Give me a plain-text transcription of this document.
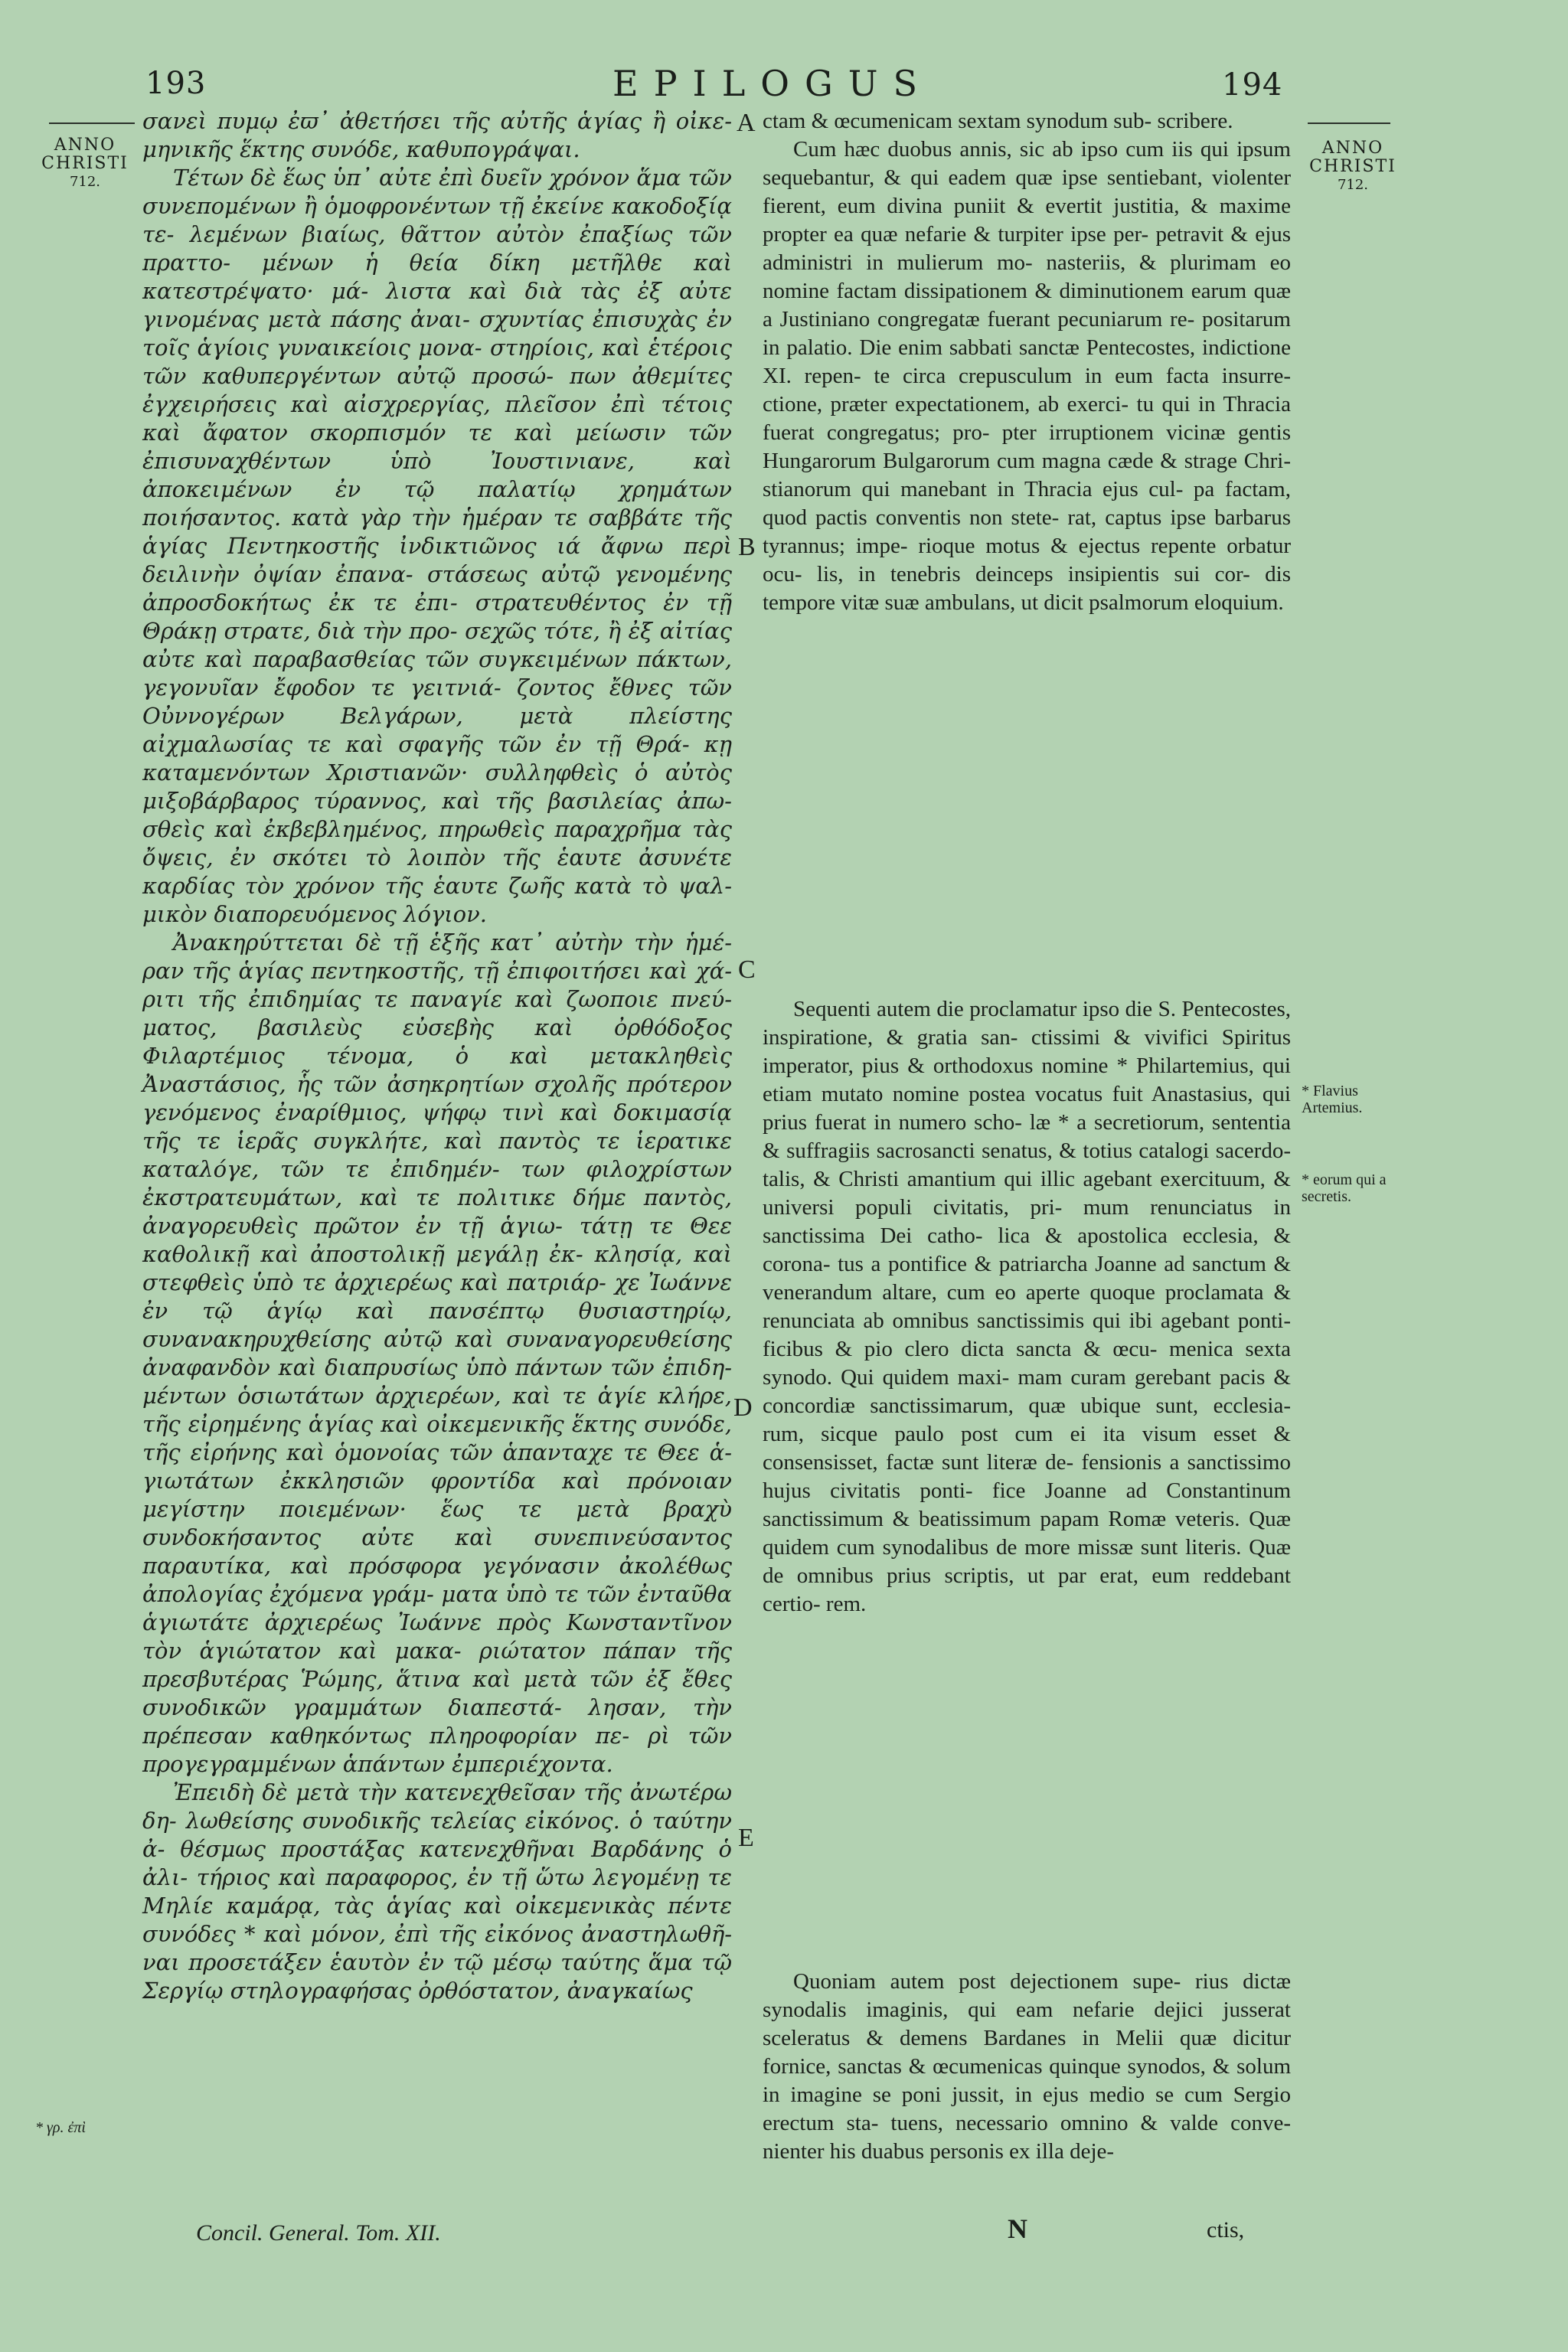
193	EPILOGUS	194
ANNO
CHRISTI
712.
ANNO
CHRISTI
712.

σανεὶ πυμῳ ἐϖ᾽ ἀθετήσει τῆς αὐτῆς ἁγίας ἢ οἰκε- μηνικῆς ἕκτης συνόδε, καθυπογράψαι.

Τέτων δὲ ἕως ὑπ᾽ αὐτε ἐπὶ δυεῖν χρόνον ἅμα τῶν συνεπομένων ἢ ὁμοφρονέντων τῇ ἐκείνε κακοδοξίᾳ τε- λεμένων βιαίως, θᾶττον αὐτὸν ἐπαξίως τῶν πραττο- μένων ἡ θεία δίκη μετῆλθε καὶ κατεστρέψατο· μά- λιστα καὶ διὰ τὰς ἐξ αὐτε γινομένας μετὰ πάσης ἀναι- σχυντίας ἐπισυχὰς ἐν τοῖς ἁγίοις γυναικείοις μονα- στηρίοις, καὶ ἑτέροις τῶν καθυπεργέντων αὐτῷ προσώ- πων ἀθεμίτες ἐγχειρήσεις καὶ αἰσχρεργίας, πλεῖσον ἐπὶ τέτοις καὶ ἄφατον σκορπισμόν τε καὶ μείωσιν τῶν ἐπισυναχθέντων ὑπὸ Ἰουστινιανε, καὶ ἀποκειμένων ἐν τῷ παλατίῳ χρημάτων ποιήσαντος. κατὰ γὰρ τὴν ἡμέραν τε σαββάτε τῆς ἁγίας Πεντηκοστῆς ἰνδικτιῶνος ιά ἄφνω περὶ δειλινὴν ὀψίαν ἐπανα- στάσεως αὐτῷ γενομένης ἀπροσδοκήτως ἐκ τε ἐπι- στρατευθέντος ἐν τῇ Θράκῃ στρατε, διὰ τὴν προ- σεχῶς τότε, ἢ ἐξ αἰτίας αὐτε καὶ παραβασθείας τῶν συγκειμένων πάκτων, γεγονυῖαν ἔφοδον τε γειτνιά- ζοντος ἔθνες τῶν Οὐννογέρων Βελγάρων, μετὰ πλείστης αἰχμαλωσίας τε καὶ σφαγῆς τῶν ἐν τῇ Θρά- κῃ καταμενόντων Χριστιανῶν· συλληφθεὶς ὁ αὐτὸς μιξοβάρβαρος τύραννος, καὶ τῆς βασιλείας ἀπω- σθεὶς καὶ ἐκβεβλημένος, πηρωθεὶς παραχρῆμα τὰς ὄψεις, ἐν σκότει τὸ λοιπὸν τῆς ἑαυτε ἀσυνέτε καρδίας τὸν χρόνον τῆς ἑαυτε ζωῆς κατὰ τὸ ψαλ- μικὸν διαπορευόμενος λόγιον.

Ἀνακηρύττεται δὲ τῇ ἑξῆς κατ᾽ αὐτὴν τὴν ἡμέ- ραν τῆς ἁγίας πεντηκοστῆς, τῇ ἐπιφοιτήσει καὶ χά- ριτι τῆς ἐπιδημίας τε παναγίε καὶ ζωοποιε πνεύ- ματος, βασιλεὺς εὐσεβὴς καὶ ὀρθόδοξος Φιλαρτέμιος τένομα, ὁ καὶ μετακληθεὶς Ἀναστάσιος, ἧς τῶν ἀσηκρητίων σχολῆς πρότερον γενόμενος ἐναρίθμιος, ψήφῳ τινὶ καὶ δοκιμασίᾳ τῆς τε ἱερᾶς συγκλήτε, καὶ παντὸς τε ἱερατικε καταλόγε, τῶν τε ἐπιδημέν- των φιλοχρίστων ἐκστρατευμάτων, καὶ τε πολιτικε δήμε παντὸς, ἀναγορευθεὶς πρῶτον ἐν τῇ ἁγιω- τάτῃ τε Θεε καθολικῇ καὶ ἀποστολικῇ μεγάλῃ ἐκ- κλησίᾳ, καὶ στεφθεὶς ὑπὸ τε ἀρχιερέως καὶ πατριάρ- χε Ἰωάννε ἐν τῷ ἁγίῳ καὶ πανσέπτῳ θυσιαστηρίῳ, συνανακηρυχθείσης αὐτῷ καὶ συναναγορευθείσης ἀναφανδὸν καὶ διαπρυσίως ὑπὸ πάντων τῶν ἐπιδη- μέντων ὁσιωτάτων ἀρχιερέων, καὶ τε ἁγίε κλήρε, τῆς εἰρημένης ἁγίας καὶ οἰκεμενικῆς ἕκτης συνόδε, τῆς εἰρήνης καὶ ὁμονοίας τῶν ἁπανταχε τε Θεε ἁ- γιωτάτων ἐκκλησιῶν φροντίδα καὶ πρόνοιαν μεγίστην ποιεμένων· ἕως τε μετὰ βραχὺ συνδοκήσαντος αὐτε καὶ συνεπινεύσαντος παραυτίκα, καὶ πρόσφορα γεγόνασιν ἀκολέθως ἀπολογίας ἐχόμενα γράμ- ματα ὑπὸ τε τῶν ἐνταῦθα ἁγιωτάτε ἀρχιερέως Ἰωάννε πρὸς Κωνσταντῖνον τὸν ἁγιώτατον καὶ μακα- ριώτατον πάπαν τῆς πρεσβυτέρας Ῥώμης, ἅτινα καὶ μετὰ τῶν ἐξ ἔθες συνοδικῶν γραμμάτων διαπεστά- λησαν, τὴν πρέπεσαν καθηκόντως πληροφορίαν πε- ρὶ τῶν προγεγραμμένων ἁπάντων ἐμπεριέχοντα.

Ἐπειδὴ δὲ μετὰ τὴν κατενεχθεῖσαν τῆς ἀνωτέρω δη- λωθείσης συνοδικῆς τελείας εἰκόνος. ὁ ταύτην ἀ- θέσμως προστάξας κατενεχθῆναι Βαρδάνης ὁ ἀλι- τήριος καὶ παραφορος, ἐν τῇ ὥτω λεγομένῃ τε Μηλίε καμάρᾳ, τὰς ἁγίας καὶ οἰκεμενικὰς πέντε συνόδες * καὶ μόνον, ἐπὶ τῆς εἰκόνος ἀναστηλωθῆ- ναι προσετάξεν ἑαυτὸν ἐν τῷ μέσῳ ταύτης ἅμα τῷ Σεργίῳ στηλογραφήσας ὀρθόστατον, ἀναγκαίως

A
B
C
D
E

ctam & œcumenicam sextam synodum sub- scribere.

Cum hæc duobus annis, sic ab ipso cum iis qui ipsum sequebantur, & qui eadem quæ ipse sentiebant, violenter fierent, eum divina puniit & evertit justitia, & maxime propter ea quæ nefarie & turpiter ipse per- petravit & ejus administri in mulierum mo- nasteriis, & plurimam eo nomine factam dissipationem & diminutionem earum quæ a Justiniano congregatæ fuerant pecuniarum re- positarum in palatio. Die enim sabbati sanctæ Pentecostes, indictione XI. repen- te circa crepusculum in eum facta insurre- ctione, præter expectationem, ab exerci- tu qui in Thracia fuerat congregatus; pro- pter irruptionem vicinæ gentis Hungarorum Bulgarorum cum magna cæde & strage Chri- stianorum qui manebant in Thracia ejus cul- pa factam, quod pactis conventis non stete- rat, captus ipse barbarus tyrannus; impe- rioque motus & ejectus repente orbatur ocu- lis, in tenebris deinceps insipientis sui cor- dis tempore vitæ suæ ambulans, ut dicit psalmorum eloquium.

Sequenti autem die proclamatur ipso die S. Pentecostes, inspiratione, & gratia san- ctissimi & vivifici Spiritus imperator, pius & orthodoxus nomine * Philartemius, qui etiam mutato nomine postea vocatus fuit Anastasius, qui prius fuerat in numero scho- læ * a secretiorum, sententia & suffragiis sacrosancti senatus, & totius catalogi sacerdo- talis, & Christi amantium qui illic agebant exercituum, & universi populi civitatis, pri- mum renunciatus in sanctissima Dei catho- lica & apostolica ecclesia, & corona- tus a pontifice & patriarcha Joanne ad sanctum & venerandum altare, cum eo aperte quoque proclamata & renunciata ab omnibus sanctissimis qui ibi agebant ponti- ficibus & pio clero dicta sancta & œcu- menica sexta synodo. Qui quidem maxi- mam curam gerebant pacis & concordiæ sanctissimarum, quæ ubique sunt, ecclesia- rum, sicque paulo post cum ei ita visum esset & consensisset, factæ sunt literæ de- fensionis a sanctissimo hujus civitatis ponti- fice Joanne ad Constantinum sanctissimum & beatissimum papam Romæ veteris. Quæ quidem cum synodalibus de more missæ sunt literis. Quæ de omnibus prius scriptis, ut par erat, eum reddebant certio- rem.

Quoniam autem post dejectionem supe- rius dictæ synodalis imaginis, qui eam nefarie dejici jusserat sceleratus & demens Bardanes in Melii quæ dicitur fornice, sanctas & œcumenicas quinque synodos, & solum in imagine se poni jussit, in ejus medio se cum Sergio erectum sta- tuens, necessario omnino & valde conve- nienter his duabus personis ex illa deje-

* Flavius Artemius.
* eorum qui a secretis.
* γρ. ἐπὶ
Concil. General. Tom. XII.	N	ctis,
